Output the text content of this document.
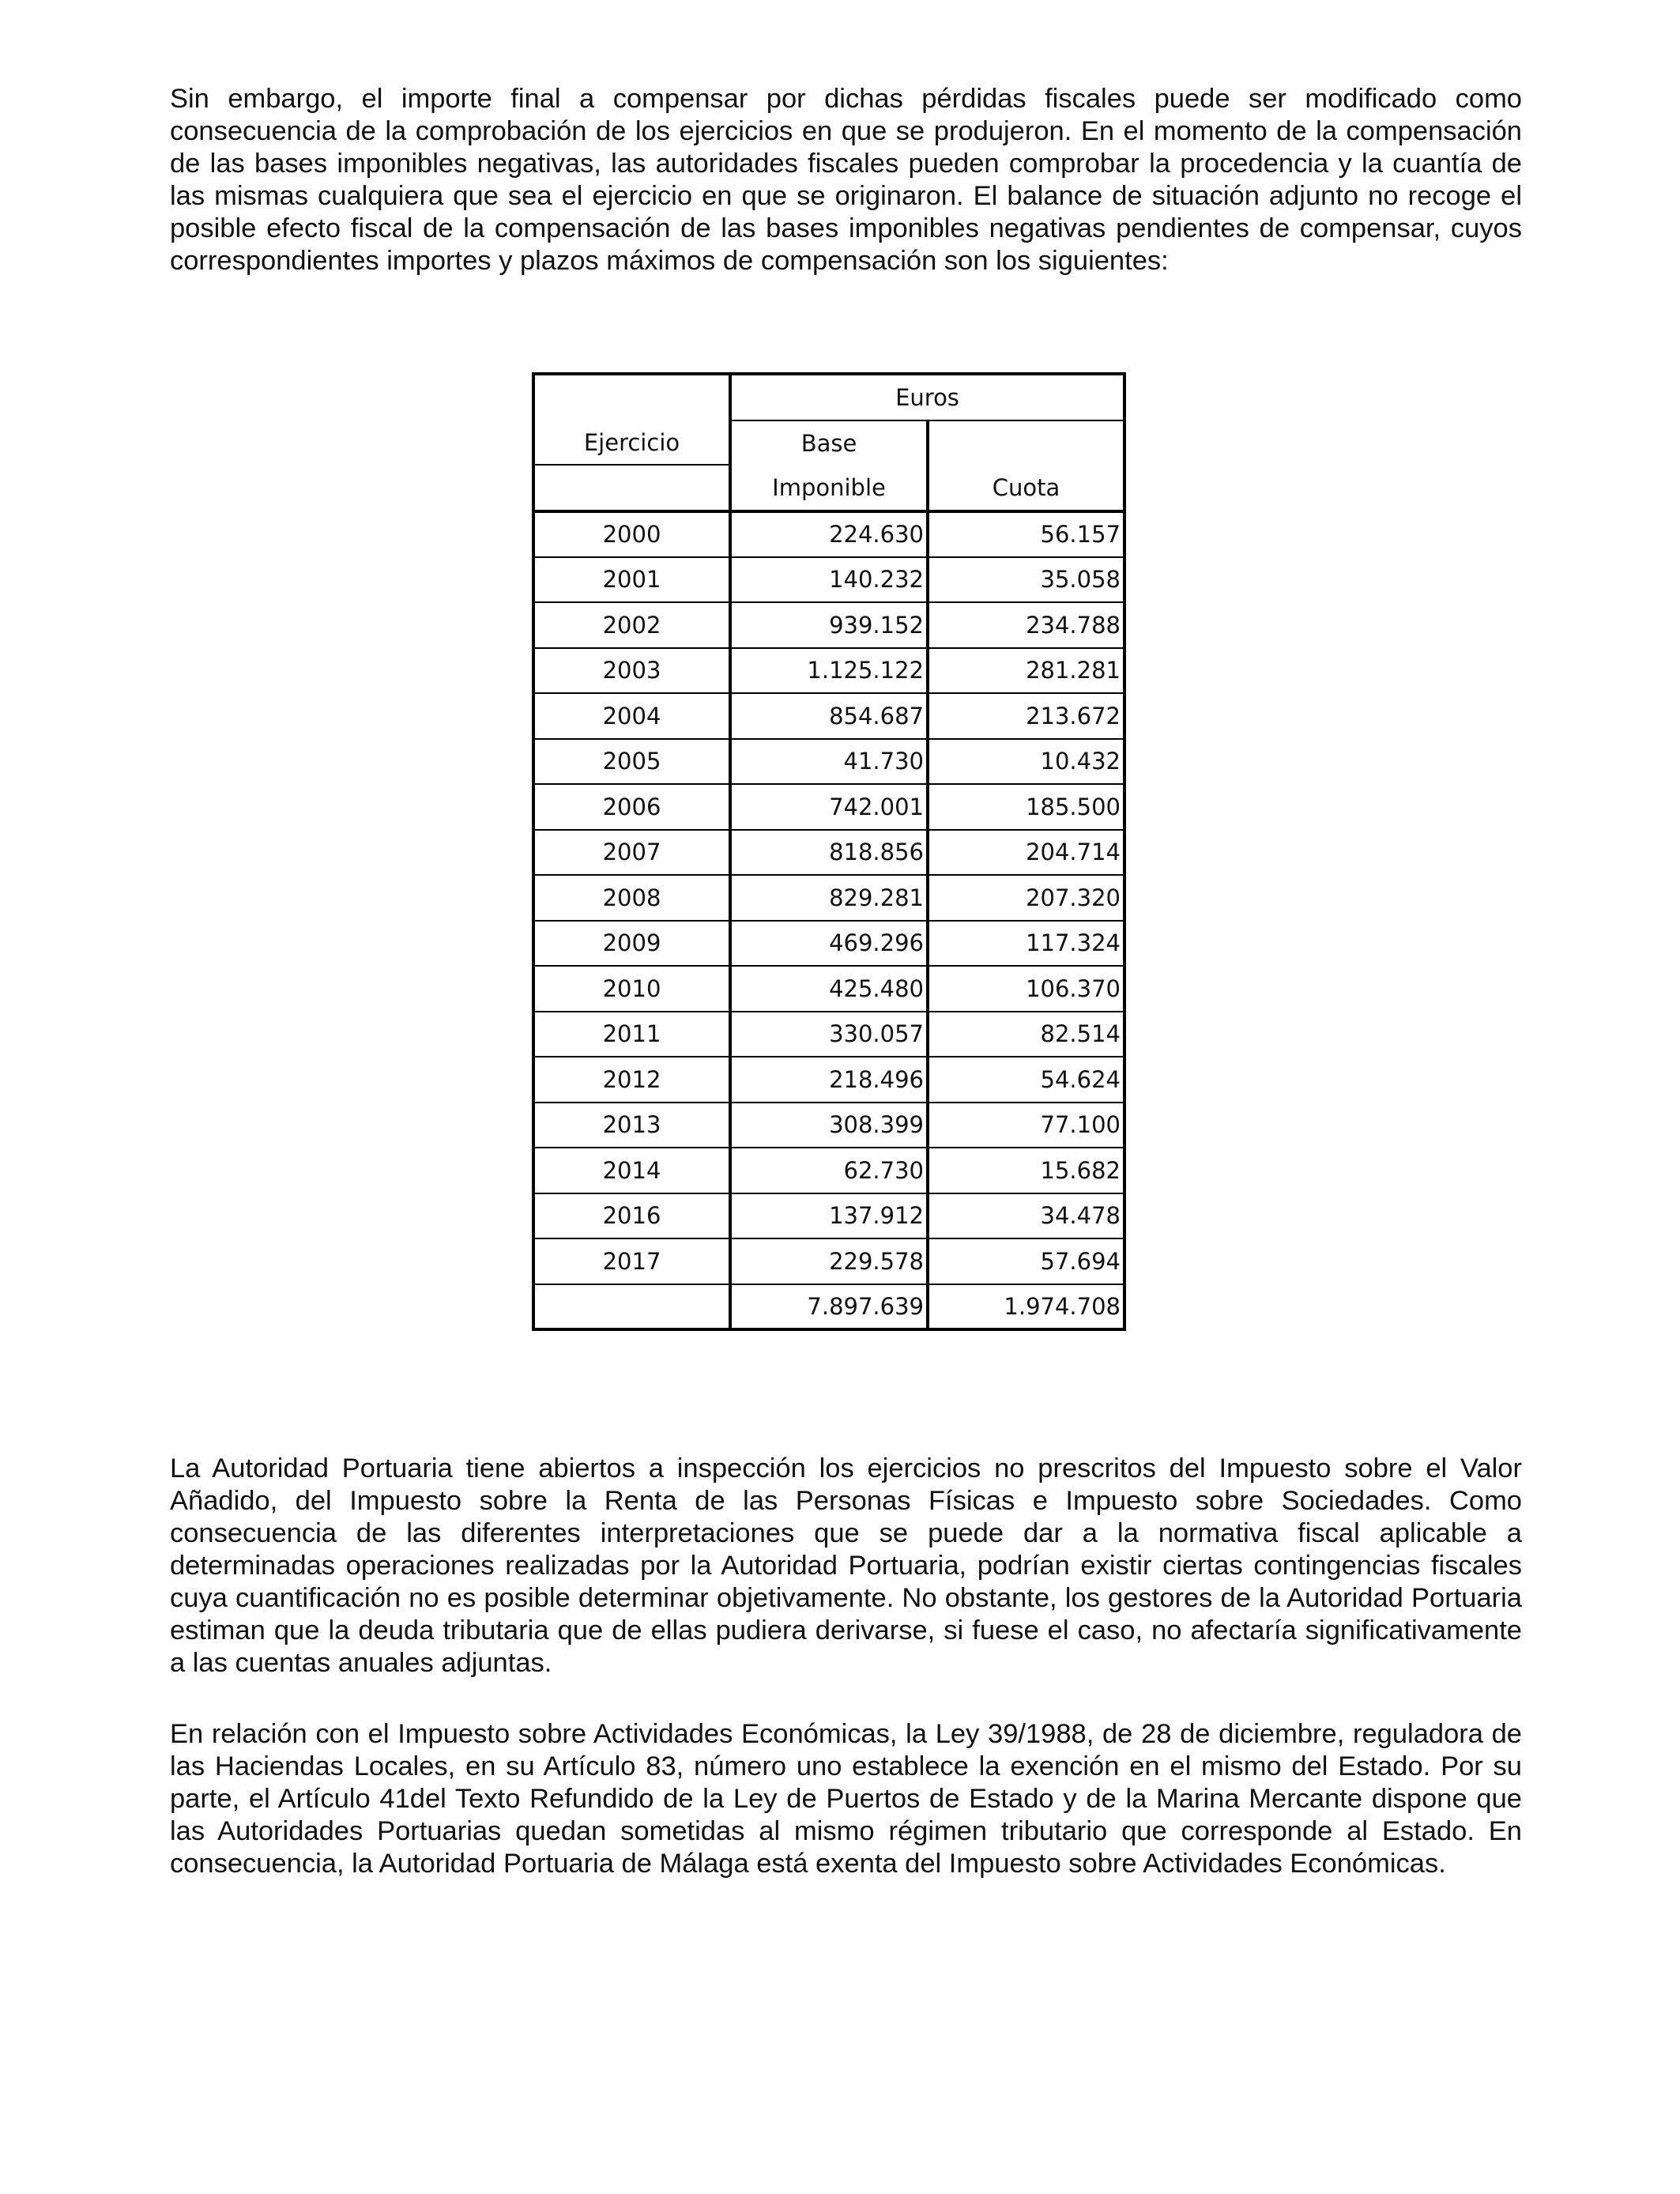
Sin embargo, el importe final a compensar por dichas pérdidas fiscales puede ser modificado como consecuencia de la comprobación de los ejercicios en que se produjeron. En el momento de la compensación de las bases imponibles negativas, las autoridades fiscales pueden comprobar la procedencia y la cuantía de las mismas cualquiera que sea el ejercicio en que se originaron. El balance de situación adjunto no recoge el posible efecto fiscal de la compensación de las bases imponibles negativas pendientes de compensar, cuyos correspondientes importes y plazos máximos de compensación son los siguientes:

	Euros	
Ejercicio	Base	
	Imponible	Cuota
2000	224.630	56.157
2001	140.232	35.058
2002	939.152	234.788
2003	1.125.122	281.281
2004	854.687	213.672
2005	41.730	10.432
2006	742.001	185.500
2007	818.856	204.714
2008	829.281	207.320
2009	469.296	117.324
2010	425.480	106.370
2011	330.057	82.514
2012	218.496	54.624
2013	308.399	77.100
2014	62.730	15.682
2016	137.912	34.478
2017	229.578	57.694
	7.897.639	1.974.708

La Autoridad Portuaria tiene abiertos a inspección los ejercicios no prescritos del Impuesto sobre el Valor Añadido, del Impuesto sobre la Renta de las Personas Físicas e Impuesto sobre Sociedades. Como consecuencia de las diferentes interpretaciones que se puede dar a la normativa fiscal aplicable a determinadas operaciones realizadas por la Autoridad Portuaria, podrían existir ciertas contingencias fiscales cuya cuantificación no es posible determinar objetivamente. No obstante, los gestores de la Autoridad Portuaria estiman que la deuda tributaria que de ellas pudiera derivarse, si fuese el caso, no afectaría significativamente a las cuentas anuales adjuntas.

En relación con el Impuesto sobre Actividades Económicas, la Ley 39/1988, de 28 de diciembre, reguladora de las Haciendas Locales, en su Artículo 83, número uno establece la exención en el mismo del Estado. Por su parte, el Artículo 41del Texto Refundido de la Ley de Puertos de Estado y de la Marina Mercante dispone que las Autoridades Portuarias quedan sometidas al mismo régimen tributario que corresponde al Estado. En consecuencia, la Autoridad Portuaria de Málaga está exenta del Impuesto sobre Actividades Económicas.
